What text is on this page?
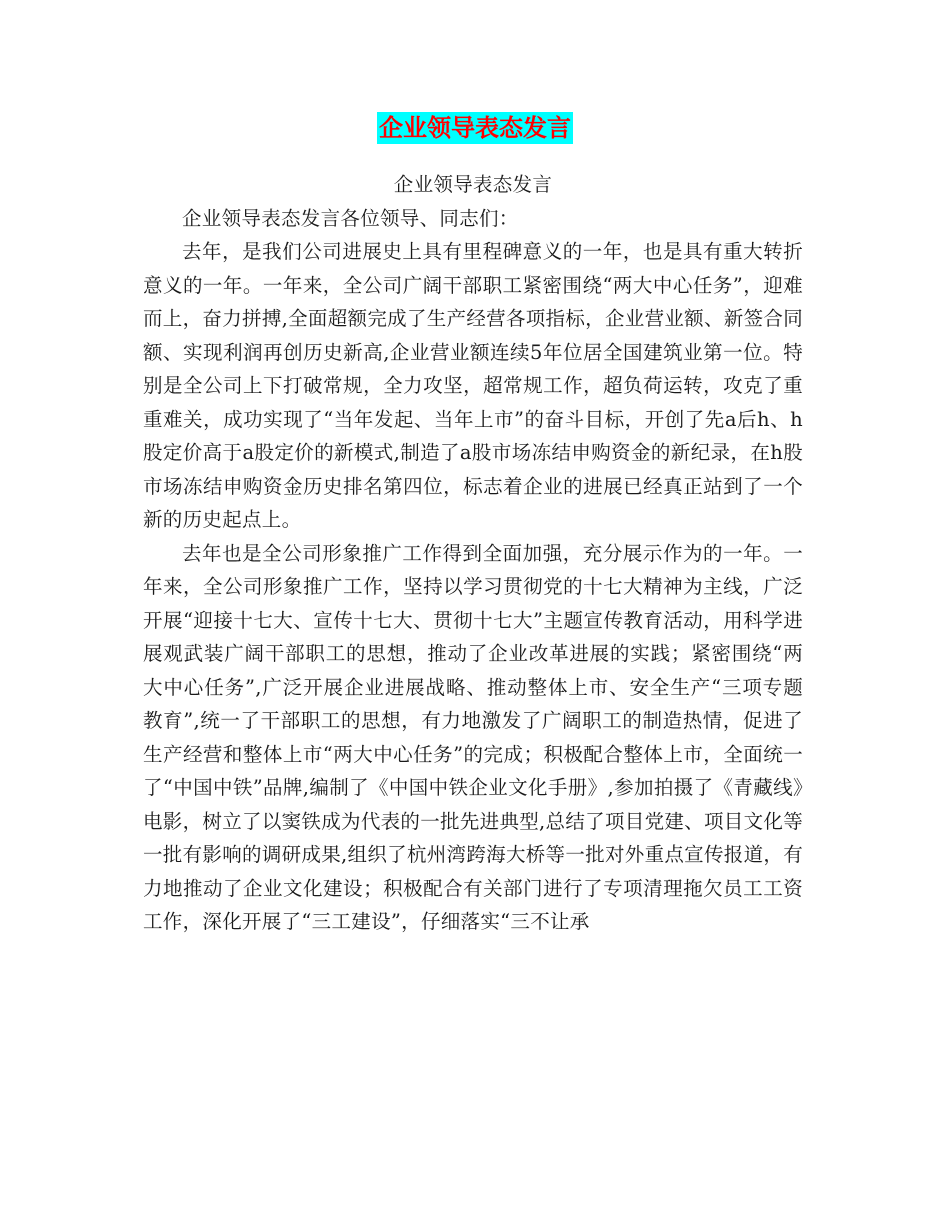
企业领导表态发言

企业领导表态发言

企业领导表态发言各位领导、同志们：

去年，是我们公司进展史上具有里程碑意义的一年，也是具有重大转折意义的一年。一年来，全公司广阔干部职工紧密围绕“两大中心任务”，迎难而上，奋力拼搏,全面超额完成了生产经营各项指标，企业营业额、新签合同额、实现利润再创历史新高,企业营业额连续5年位居全国建筑业第一位。特别是全公司上下打破常规，全力攻坚，超常规工作，超负荷运转，攻克了重重难关，成功实现了“当年发起、当年上市”的奋斗目标，开创了先a后h、h股定价高于a股定价的新模式,制造了a股市场冻结申购资金的新纪录，在h股市场冻结申购资金历史排名第四位，标志着企业的进展已经真正站到了一个新的历史起点上。

去年也是全公司形象推广工作得到全面加强，充分展示作为的一年。一年来，全公司形象推广工作，坚持以学习贯彻党的十七大精神为主线，广泛开展“迎接十七大、宣传十七大、贯彻十七大”主题宣传教育活动，用科学进展观武装广阔干部职工的思想，推动了企业改革进展的实践；紧密围绕“两大中心任务”,广泛开展企业进展战略、推动整体上市、安全生产“三项专题教育”,统一了干部职工的思想，有力地激发了广阔职工的制造热情，促进了生产经营和整体上市“两大中心任务”的完成；积极配合整体上市，全面统一了“中国中铁”品牌,编制了《中国中铁企业文化手册》,参加拍摄了《青藏线》电影，树立了以窦铁成为代表的一批先进典型,总结了项目党建、项目文化等一批有影响的调研成果,组织了杭州湾跨海大桥等一批对外重点宣传报道，有力地推动了企业文化建设；积极配合有关部门进行了专项清理拖欠员工工资工作，深化开展了“三工建设”，仔细落实“三不让承
